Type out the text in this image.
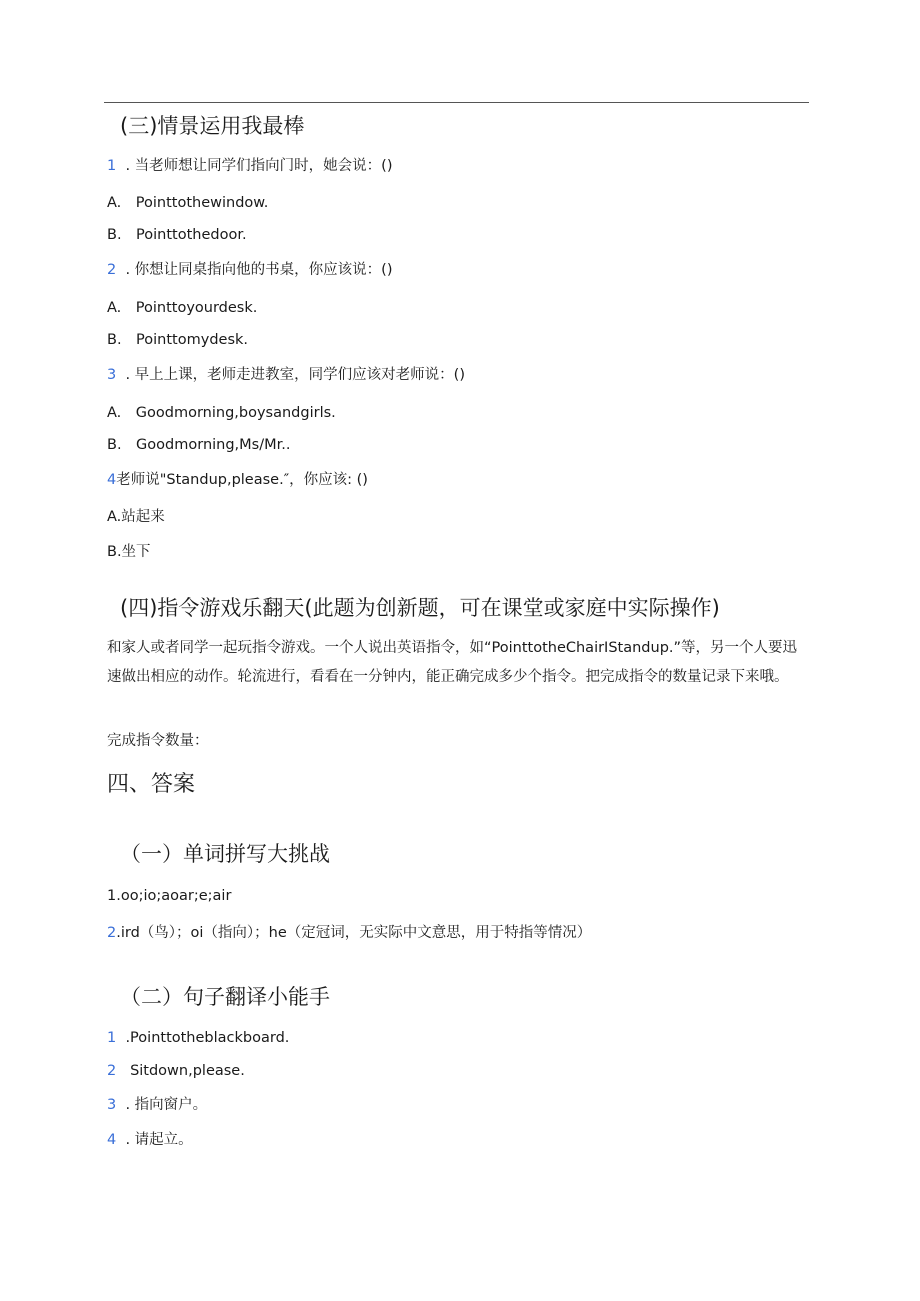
(三)情景运用我最棒
1 . 当老师想让同学们指向门时，她会说：()
A.　Pointtothewindow.
B.　Pointtothedoor.
2 . 你想让同桌指向他的书桌，你应该说：()
A.　Pointtoyourdesk.
B.　Pointtomydesk.
3 . 早上上课，老师走进教室，同学们应该对老师说：()
A.　Goodmorning,boysandgirls.
B.　Goodmorning,Ms/Mr..
4老师说"Standup,please.″，你应该: ()
A.站起来
B.坐下
(四)指令游戏乐翻天(此题为创新题，可在课堂或家庭中实际操作)
和家人或者同学一起玩指令游戏。一个人说出英语指令，如“PointtotheChairIStandup.”等，另一个人要迅速做出相应的动作。轮流进行，看看在一分钟内，能正确完成多少个指令。把完成指令的数量记录下来哦。
完成指令数量：
四、答案
（一）单词拼写大挑战
1.oo;io;aoar;e;air
2.ird（鸟）；oi（指向）；he（定冠词，无实际中文意思，用于特指等情况）
（二）句子翻译小能手
1 .Pointtotheblackboard.
2 Sitdown,please.
3 . 指向窗户。
4 . 请起立。
